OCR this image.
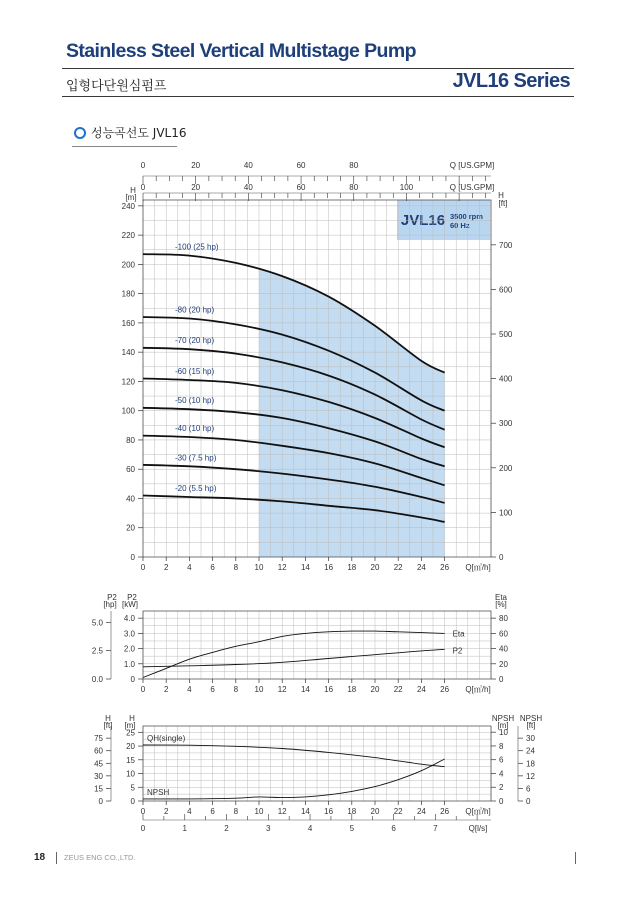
Stainless Steel Vertical Multistage Pump
입형다단원심펌프	JVL16 Series
성능곡선도 JVL16
JVL16 3500 rpm
60 Hz
0
20
40
60
80
100
120
140
160
180
200
220
240
H
[m]
0
100
200
300
400
500
600
700
H
[ft]
0 2 4 6 8 10 12 14 16 18 20 22 24 26 Q[㎥/h]
0	20	40	60	80	Q [US.GPM]
0	20	40	60	80	100	Q [US.GPM]
-100 (25 hp)
-80 (20 hp)
-70 (20 hp)
-60 (15 hp)
-50 (10 hp)
-40 (10 hp)
-30 (7.5 hp)
-20 (5.5 hp)
0
1.0
2.0
3.0
4.0
0.0
2.5
5.0
P2
[hp]
P2
[kW]
0
20
40
60
80
Eta
[%]
0 2 4 6 8 10 12 14 16 18 20 22 24 26 Q[㎥/h]
Eta
P2
0
5
10
15
20
25
0
15
30
45
60
75
H
[ft]
H
[m]
0
2
4
6
8
10
0
6
12
18
24
30
NPSH
[m]
NPSH
[ft]
0 2 4 6 8 10 12 14 16 18 20 22 24 26 Q[㎥/h]
0	1	2	3	4	5	6	7	Q[l/s]
QH(single)
NPSH
18	ZEUS ENG CO.,LTD.
